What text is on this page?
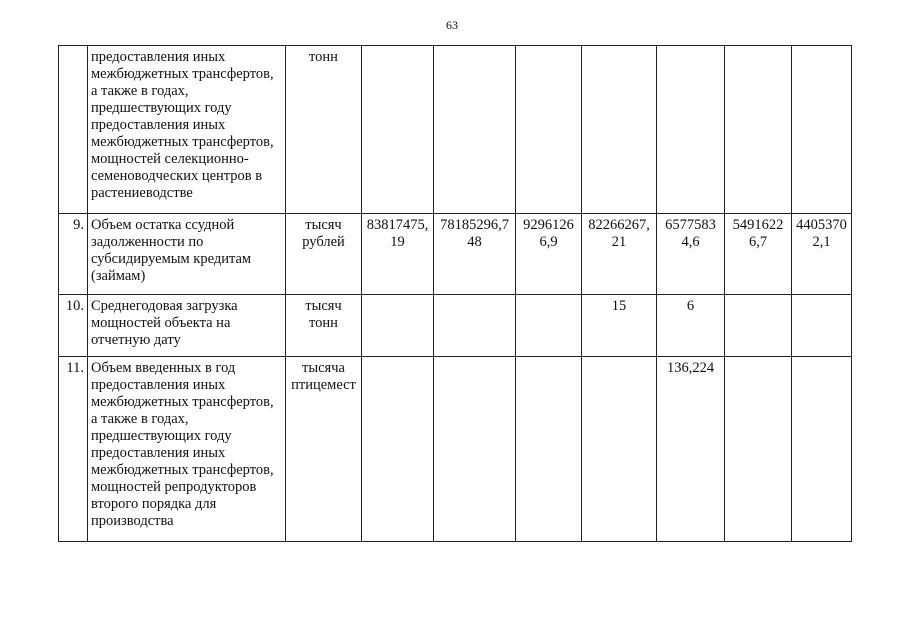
63
	предоставления иных межбюджетных трансфертов, а также в годах, предшествующих году предоставления иных межбюджетных трансфертов, мощностей селекционно-семеноводческих центров в растениеводстве	тонн							
9.	Объем остатка ссудной задолженности по субсидируемым кредитам (займам)	тысяч рублей	83817475,19	78185296,748	92961266,9	82266267,21	65775834,6	54916226,7	44053702,1
10.	Среднегодовая загрузка мощностей объекта на отчетную дату	тысяч тонн				15	6		
11.	Объем введенных в год предоставления иных межбюджетных трансфертов, а также в годах, предшествующих году предоставления иных межбюджетных трансфертов, мощностей репродукторов второго порядка для производства	тысяча птицемест					136,224		
